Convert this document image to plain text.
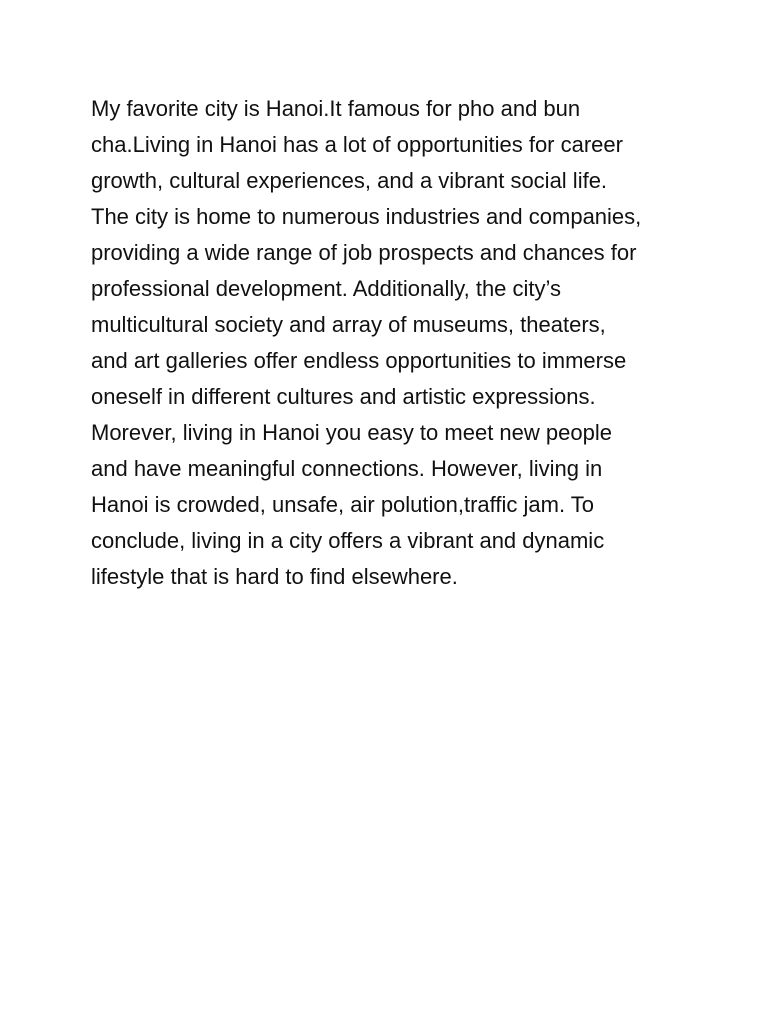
My favorite city is Hanoi.It famous for pho and bun
cha.Living in Hanoi has a lot of opportunities for career
growth, cultural experiences, and a vibrant social life.
The city is home to numerous industries and companies,
providing a wide range of job prospects and chances for
professional development. Additionally, the city’s
multicultural society and array of museums, theaters,
and art galleries offer endless opportunities to immerse
oneself in different cultures and artistic expressions.
Morever, living in Hanoi you easy to meet new people
and have meaningful connections. However, living in
Hanoi is crowded, unsafe, air polution,traffic jam. To
conclude, living in a city offers a vibrant and dynamic
lifestyle that is hard to find elsewhere.
